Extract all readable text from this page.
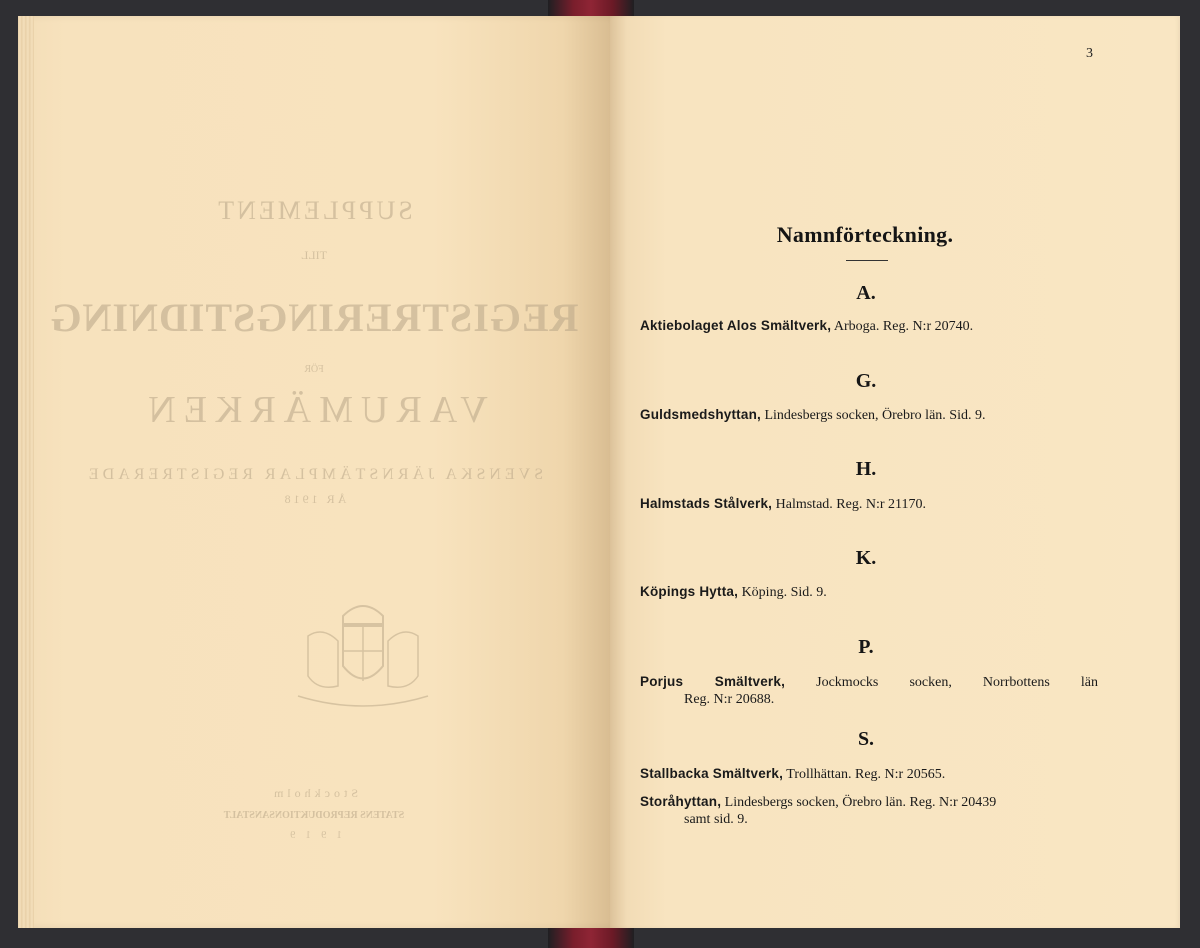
SUPPLEMENT
TILL
REGISTRERINGSTIDNING
FÖR
VARUMÄRKEN
SVENSKA JÄRNSTÄMPLAR REGISTRERADE
ÅR 1918
Stockholm
STATENS REPRODUKTIONSANSTALT
1 9 1 9

3
Namnförteckning.
A.
Aktiebolaget Alos Smältverk, Arboga. Reg. N:r 20740.
G.
Guldsmedshyttan, Lindesbergs socken, Örebro län. Sid. 9.
H.
Halmstads Stålverk, Halmstad. Reg. N:r 21170.
K.
Köpings Hytta, Köping. Sid. 9.
P.
Porjus Smältverk, Jockmocks socken, Norrbottens län
Reg. N:r 20688.
S.
Stallbacka Smältverk, Trollhättan. Reg. N:r 20565.
Storåhyttan, Lindesbergs socken, Örebro län. Reg. N:r 20439
samt sid. 9.
